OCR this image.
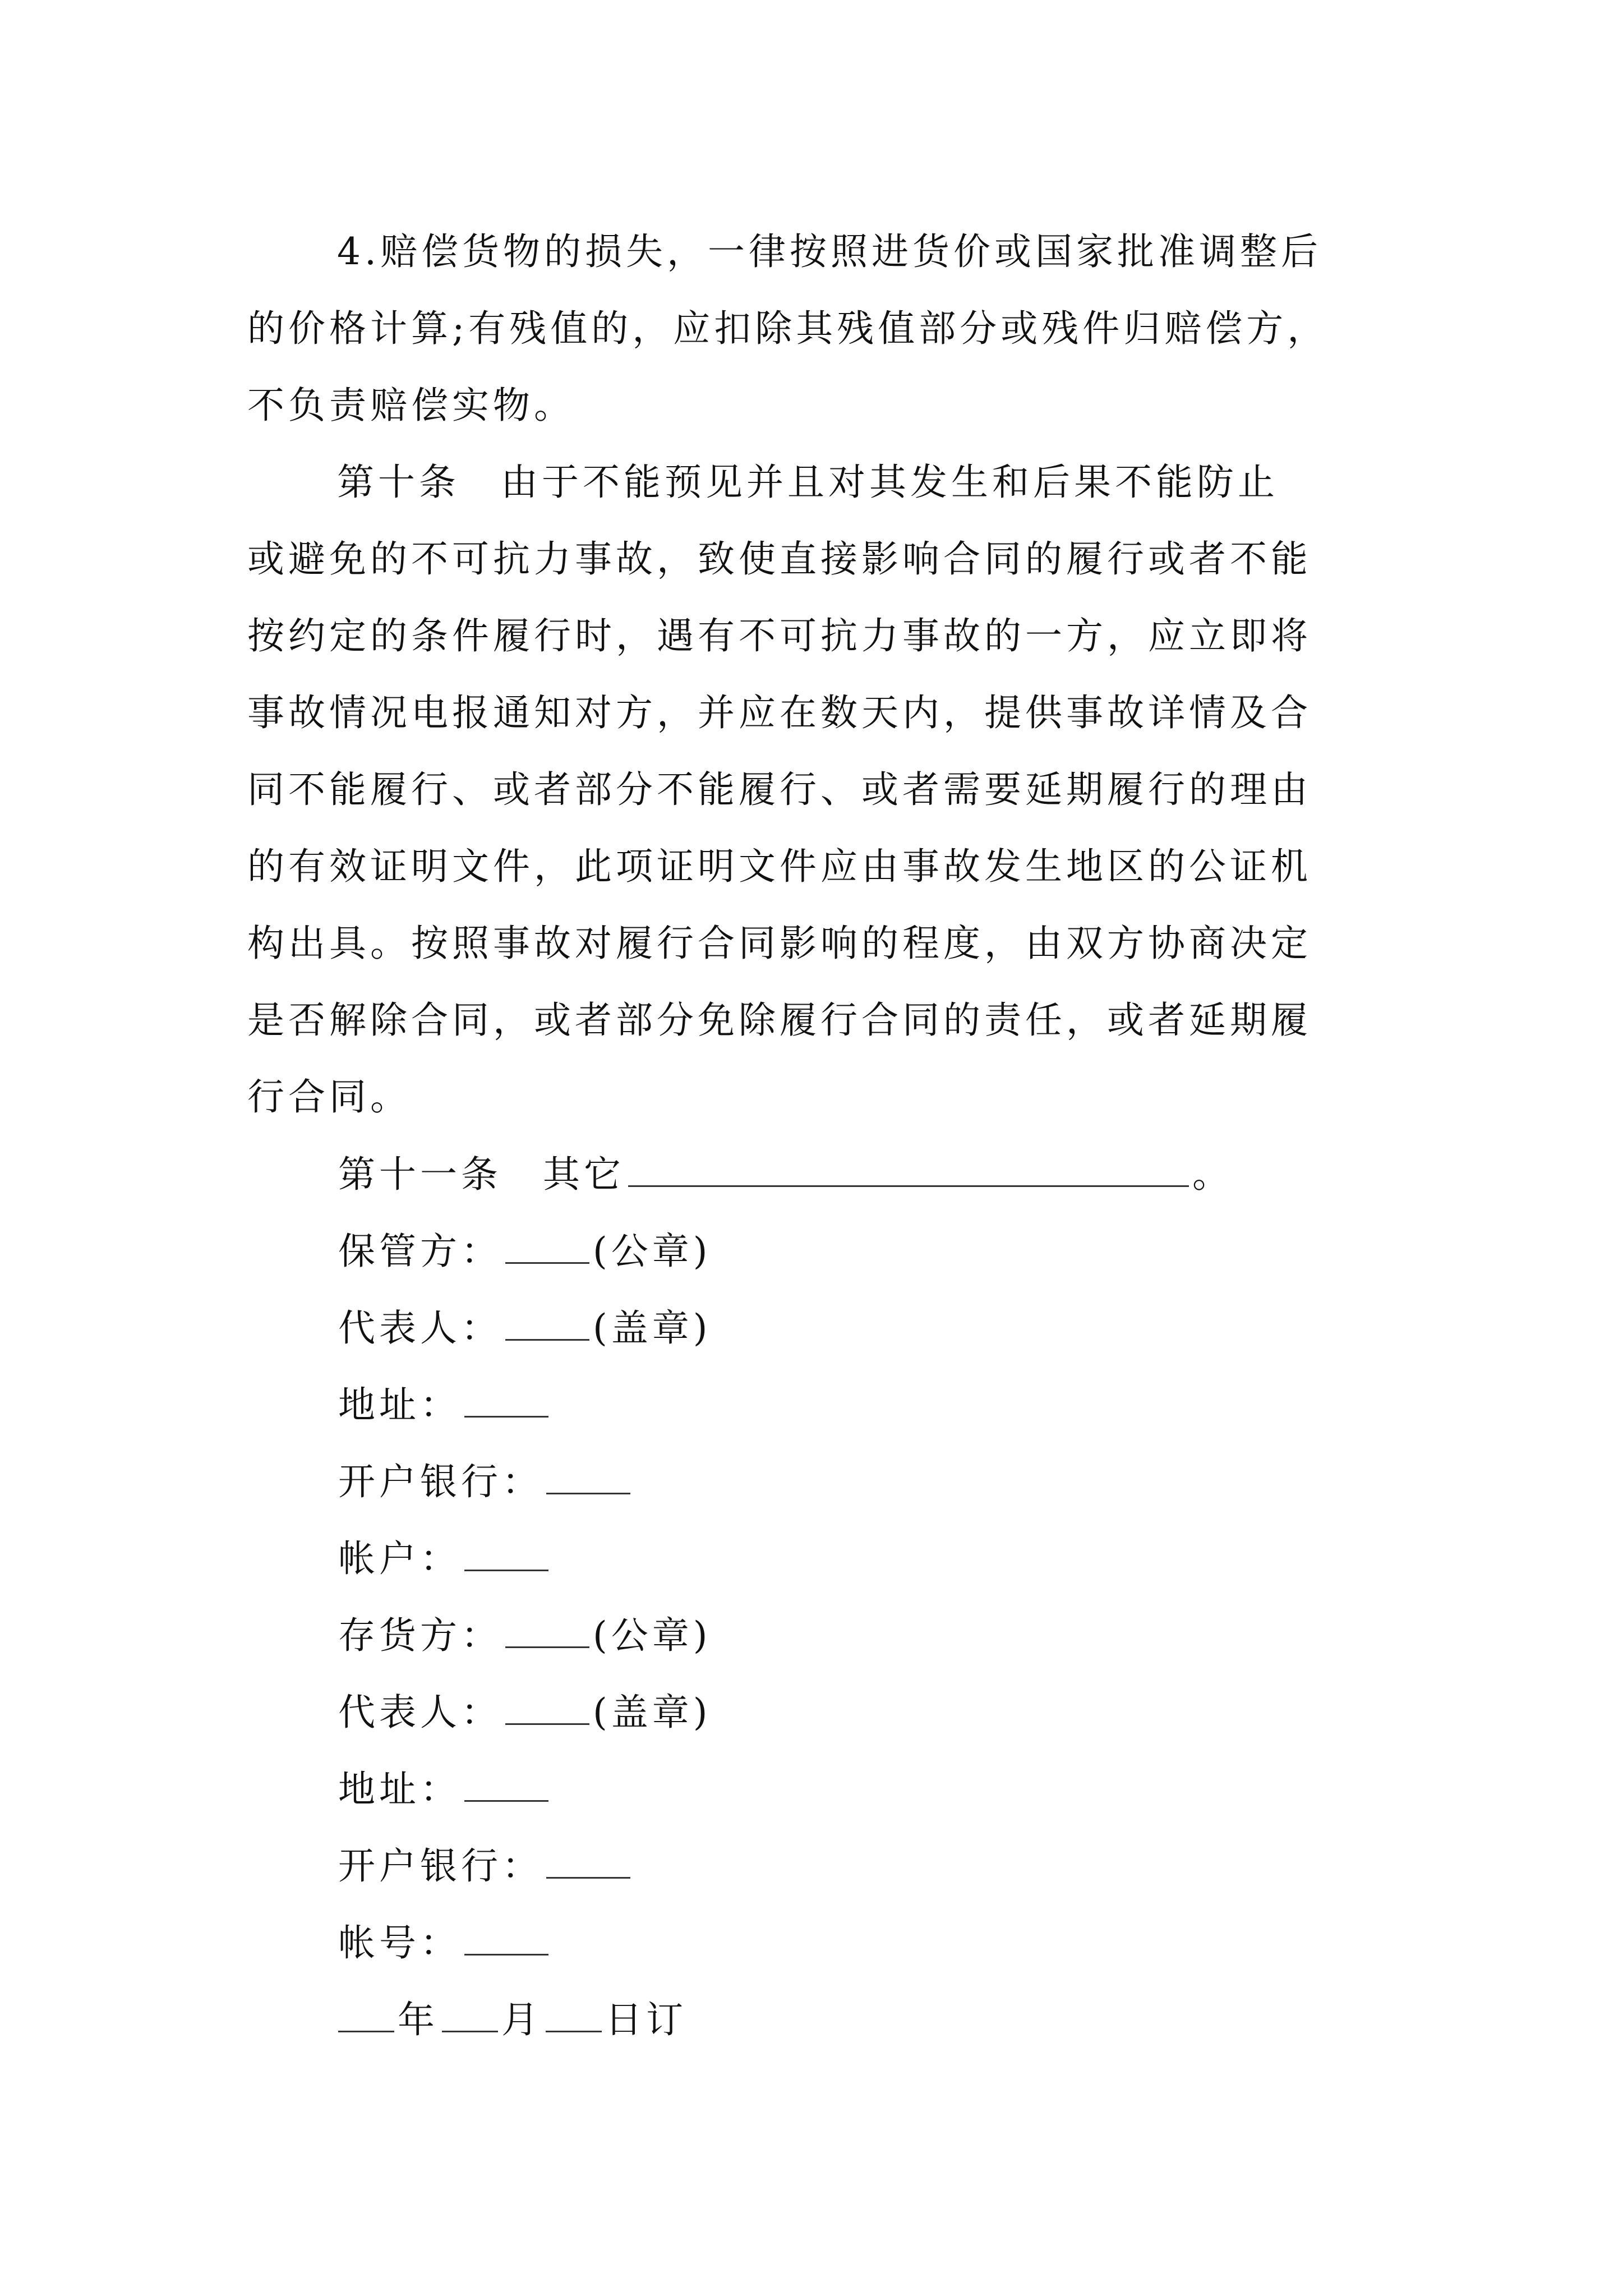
4.赔偿货物的损失，一律按照进货价或国家批准调整后
的价格计算;有残值的，应扣除其残值部分或残件归赔偿方，
不负责赔偿实物。
第十条　由于不能预见并且对其发生和后果不能防止
或避免的不可抗力事故，致使直接影响合同的履行或者不能
按约定的条件履行时，遇有不可抗力事故的一方，应立即将
事故情况电报通知对方，并应在数天内，提供事故详情及合
同不能履行、或者部分不能履行、或者需要延期履行的理由
的有效证明文件，此项证明文件应由事故发生地区的公证机
构出具。按照事故对履行合同影响的程度，由双方协商决定
是否解除合同，或者部分免除履行合同的责任，或者延期履
行合同。
第十一条　其它	。
保管方： (公章)
代表人： (盖章)
地址：
开户银行：
帐户：
存货方： (公章)
代表人： (盖章)
地址：
开户银行：
帐号：
年 月 日订
